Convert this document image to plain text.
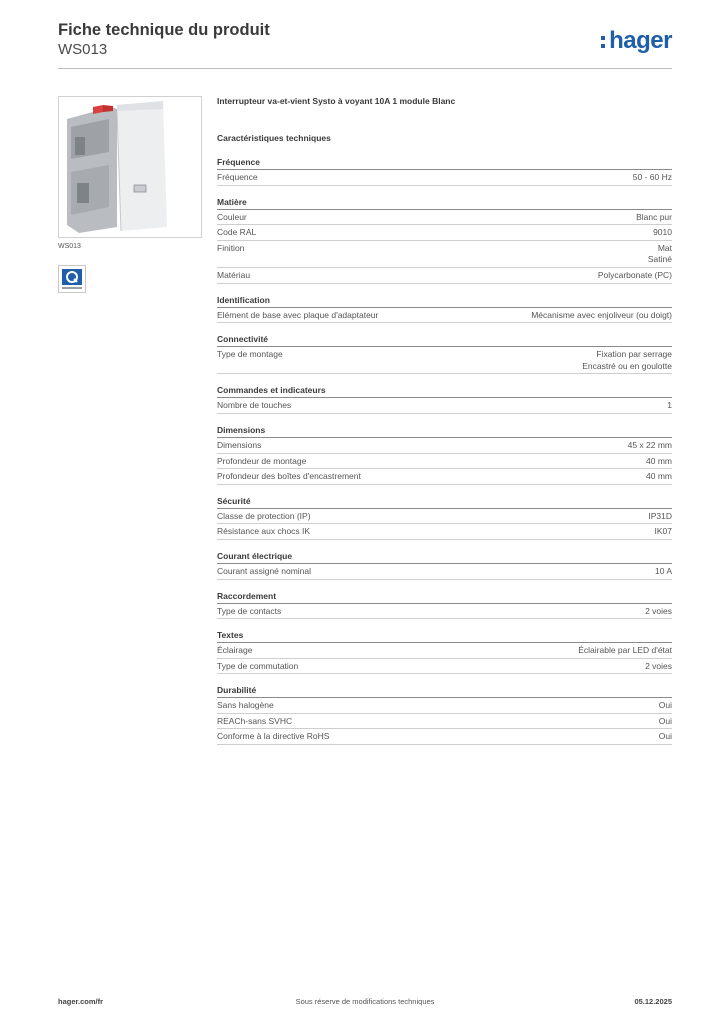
Fiche technique du produit
WS013	hager
WS013
Interrupteur va-et-vient Systo à voyant 10A 1 module Blanc
Caractéristiques techniques
Fréquence
Fréquence	50 - 60 Hz
Matière
Couleur	Blanc pur
Code RAL	9010
Finition	Mat
Satiné
Matériau	Polycarbonate (PC)
Identification
Elément de base avec plaque d'adaptateur	Mécanisme avec enjoliveur (ou doigt)
Connectivité
Type de montage	Fixation par serrage
Encastré ou en goulotte
Commandes et indicateurs
Nombre de touches	1
Dimensions
Dimensions	45 x 22 mm
Profondeur de montage	40 mm
Profondeur des boîtes d'encastrement	40 mm
Sécurité
Classe de protection (IP)	IP31D
Résistance aux chocs IK	IK07
Courant électrique
Courant assigné nominal	10 A
Raccordement
Type de contacts	2 voies
Textes
Éclairage	Éclairable par LED d'état
Type de commutation	2 voies
Durabilité
Sans halogène	Oui
REACh-sans SVHC	Oui
Conforme à la directive RoHS	Oui
hager.com/fr	Sous réserve de modifications techniques	05.12.2025
